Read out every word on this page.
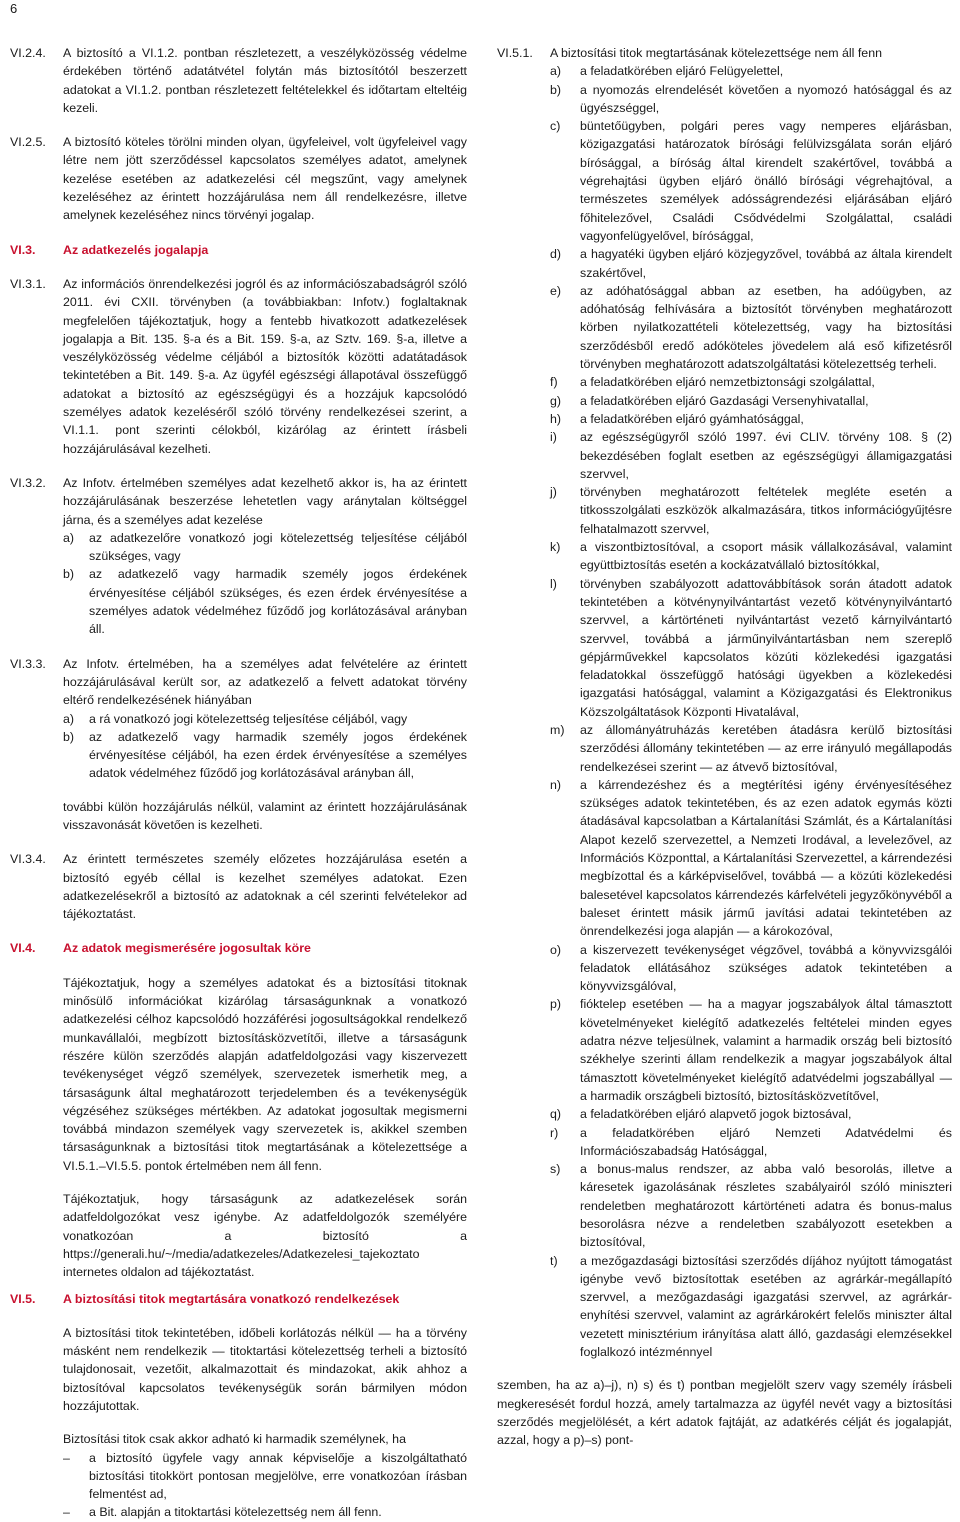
6
VI.2.4.	A biztosító a VI.1.2. pontban részletezett, a veszélyközösség védelme érdekében történő adatátvétel folytán más biztosítótól beszerzett adatokat a VI.1.2. pontban részletezett feltételekkel és időtartam elteltéig kezeli.
VI.2.5.	A biztosító köteles törölni minden olyan, ügyfeleivel, volt ügyfeleivel vagy létre nem jött szerződéssel kapcsolatos személyes adatot, amelynek kezelése esetében az adatkezelési cél megszűnt, vagy amelynek kezeléséhez az érintett hozzájárulása nem áll rendelkezésre, illetve amelynek kezeléséhez nincs törvényi jogalap.
VI.3.	Az adatkezelés jogalapja
VI.3.1.	Az információs önrendelkezési jogról és az információszabadságról szóló 2011. évi CXII. törvényben (a továbbiakban: Infotv.) foglaltaknak megfelelően tájékoztatjuk, hogy a fentebb hivatkozott adatkezelések jogalapja a Bit. 135. §-a és a Bit. 159. §-a, az Sztv. 169. §-a, illetve a veszélyközösség védelme céljából a biztosítók közötti adatátadások tekintetében a Bit. 149. §-a. Az ügyfél egészségi állapotával összefüggő adatokat a biztosító az egészségügyi és a hozzájuk kapcsolódó személyes adatok kezeléséről szóló törvény rendelkezései szerint, a VI.1.1. pont szerinti célokból, kizárólag az érintett írásbeli hozzájárulásával kezelheti.
VI.3.2.	Az Infotv. értelmében személyes adat kezelhető akkor is, ha az érintett hozzájárulásának beszerzése lehetetlen vagy aránytalan költséggel járna, és a személyes adat kezelése
a)	az adatkezelőre vonatkozó jogi kötelezettség teljesítése céljából szükséges, vagy
b)	az adatkezelő vagy harmadik személy jogos érdekének érvényesítése céljából szükséges, és ezen érdek érvényesítése a személyes adatok védelméhez fűződő jog korlátozásával arányban áll.
VI.3.3.	Az Infotv. értelmében, ha a személyes adat felvételére az érintett hozzájárulásával került sor, az adatkezelő a felvett adatokat törvény eltérő rendelkezésének hiányában
a)	a rá vonatkozó jogi kötelezettség teljesítése céljából, vagy
b)	az adatkezelő vagy harmadik személy jogos érdekének érvényesítése céljából, ha ezen érdek érvényesítése a személyes adatok védelméhez fűződő jog korlátozásával arányban áll,
további külön hozzájárulás nélkül, valamint az érintett hozzájárulásának visszavonását követően is kezelheti.
VI.3.4.	Az érintett természetes személy előzetes hozzájárulása esetén a biztosító egyéb céllal is kezelhet személyes adatokat. Ezen adatkezelésekről a biztosító az adatoknak a cél szerinti felvételekor ad tájékoztatást.
VI.4.	Az adatok megismerésére jogosultak köre

Tájékoztatjuk, hogy a személyes adatokat és a biztosítási titoknak minősülő információkat kizárólag társaságunknak a vonatkozó adatkezelési célhoz kapcsolódó hozzáférési jogosultságokkal rendelkező munkavállalói, megbízott biztosításközvetítői, illetve a társaságunk részére külön szerződés alapján adatfeldolgozási vagy kiszervezett tevékenységet végző személyek, szervezetek ismerhetik meg, a társaságunk által meghatározott terjedelemben és a tevékenységük végzéséhez szükséges mértékben. Az adatokat jogosultak megismerni továbbá mindazon személyek vagy szervezetek is, akikkel szemben társaságunknak a biztosítási titok megtartásának a kötelezettsége a VI.5.1.–VI.5.5. pontok értelmében nem áll fenn.

Tájékoztatjuk, hogy társaságunk az adatkezelések során adatfeldolgozókat vesz igénybe. Az adatfeldolgozók személyére vonatkozóan a biztosító a https://generali.hu/~/media/adatkezeles/Adatkezelesi_tajekoztato internetes oldalon ad tájékoztatást.

VI.5.	A biztosítási titok megtartására vonatkozó rendelkezések

A biztosítási titok tekintetében, időbeli korlátozás nélkül — ha a törvény másként nem rendelkezik — titoktartási kötelezettség terheli a biztosító tulajdonosait, vezetőit, alkalmazottait és mindazokat, akik ahhoz a biztosítóval kapcsolatos tevékenységük során bármilyen módon hozzájutottak.

Biztosítási titok csak akkor adható ki harmadik személynek, ha
–	a biztosító ügyfele vagy annak képviselője a kiszolgáltatható biztosítási titokkört pontosan megjelölve, erre vonatkozóan írásban felmentést ad,
–	a Bit. alapján a titoktartási kötelezettség nem áll fenn.
VI.5.1.	A biztosítási titok megtartásának kötelezettsége nem áll fenn
a)	a feladatkörében eljáró Felügyelettel,
b)	a nyomozás elrendelését követően a nyomozó hatósággal és az ügyészséggel,
c)	büntetőügyben, polgári peres vagy nemperes eljárásban, közigazgatási határozatok bírósági felülvizsgálata során eljáró bírósággal, a bíróság által kirendelt szakértővel, továbbá a végrehajtási ügyben eljáró önálló bírósági végrehajtóval, a természetes személyek adósságrendezési eljárásában eljáró főhitelezővel, Családi Csődvédelmi Szolgálattal, családi vagyonfelügyelővel, bírósággal,
d)	a hagyatéki ügyben eljáró közjegyzővel, továbbá az általa kirendelt szakértővel,
e)	az adóhatósággal abban az esetben, ha adóügyben, az adóhatóság felhívására a biztosítót törvényben meghatározott körben nyilatkozattételi kötelezettség, vagy ha biztosítási szerződésből eredő adóköteles jövedelem alá eső kifizetésről törvényben meghatározott adatszolgáltatási kötelezettség terheli.
f)	a feladatkörében eljáró nemzetbiztonsági szolgálattal,
g)	a feladatkörében eljáró Gazdasági Versenyhivatallal,
h)	a feladatkörében eljáró gyámhatósággal,
i)	az egészségügyről szóló 1997. évi CLIV. törvény 108. § (2) bekezdésében foglalt esetben az egészségügyi államigazgatási szervvel,
j)	törvényben meghatározott feltételek megléte esetén a titkosszolgálati eszközök alkalmazására, titkos információgyűjtésre felhatalmazott szervvel,
k)	a viszontbiztosítóval, a csoport másik vállalkozásával, valamint együttbiztosítás esetén a kockázatvállaló biztosítókkal,
l)	törvényben szabályozott adattovábbítások során átadott adatok tekintetében a kötvénynyilvántartást vezető kötvénynyilvántartó szervvel, a kártörténeti nyilvántartást vezető kárnyilvántartó szervvel, továbbá a járműnyilvántartásban nem szereplő gépjárművekkel kapcsolatos közúti közlekedési igazgatási feladatokkal összefüggő hatósági ügyekben a közlekedési igazgatási hatósággal, valamint a Közigazgatási és Elektronikus Közszolgáltatások Központi Hivatalával,
m)	az állományátruházás keretében átadásra kerülő biztosítási szerződési állomány tekintetében — az erre irányuló megállapodás rendelkezései szerint — az átvevő biztosítóval,
n)	a kárrendezéshez és a megtérítési igény érvényesítéséhez szükséges adatok tekintetében, és az ezen adatok egymás közti átadásával kapcsolatban a Kártalanítási Számlát, és a Kártalanítási Alapot kezelő szervezettel, a Nemzeti Irodával, a levelezővel, az Információs Központtal, a Kártalanítási Szervezettel, a kárrendezési megbízottal és a kárképviselővel, továbbá — a közúti közlekedési balesetével kapcsolatos kárrendezés kárfelvételi jegyzőkönyvéből a baleset érintett másik jármű javítási adatai tekintetében az önrendelkezési joga alapján — a károkozóval,
o)	a kiszervezett tevékenységet végzővel, továbbá a könyvvizsgálói feladatok ellátásához szükséges adatok tekintetében a könyvvizsgálóval,
p)	fióktelep esetében — ha a magyar jogszabályok által támasztott követelményeket kielégítő adatkezelés feltételei minden egyes adatra nézve teljesülnek, valamint a harmadik ország beli biztosító székhelye szerinti állam rendelkezik a magyar jogszabályok által támasztott követelményeket kielégítő adatvédelmi jogszabállyal — a harmadik országbeli biztosító, biztosításközvetítővel,
q)	a feladatkörében eljáró alapvető jogok biztosával,
r)	a feladatkörében eljáró Nemzeti Adatvédelmi és Információszabadság Hatósággal,
s)	a bonus-malus rendszer, az abba való besorolás, illetve a káresetek igazolásának részletes szabályairól szóló miniszteri rendeletben meghatározott kártörténeti adatra és bonus-malus besorolásra nézve a rendeletben szabályozott esetekben a biztosítóval,
t)	a mezőgazdasági biztosítási szerződés díjához nyújtott támogatást igénybe vevő biztosítottak esetében az agrárkár-megállapító szervvel, a mezőgazdasági igazgatási szervvel, az agrárkár-enyhítési szervvel, valamint az agrárkárokért felelős miniszter által vezetett minisztérium irányítása alatt álló, gazdasági elemzésekkel foglalkozó intézménnyel
szemben, ha az a)–j), n) s) és t) pontban megjelölt szerv vagy személy írásbeli megkeresését fordul hozzá, amely tartalmazza az ügyfél nevét vagy a biztosítási szerződés megjelölését, a kért adatok fajtáját, az adatkérés célját és jogalapját, azzal, hogy a p)–s) pont-
